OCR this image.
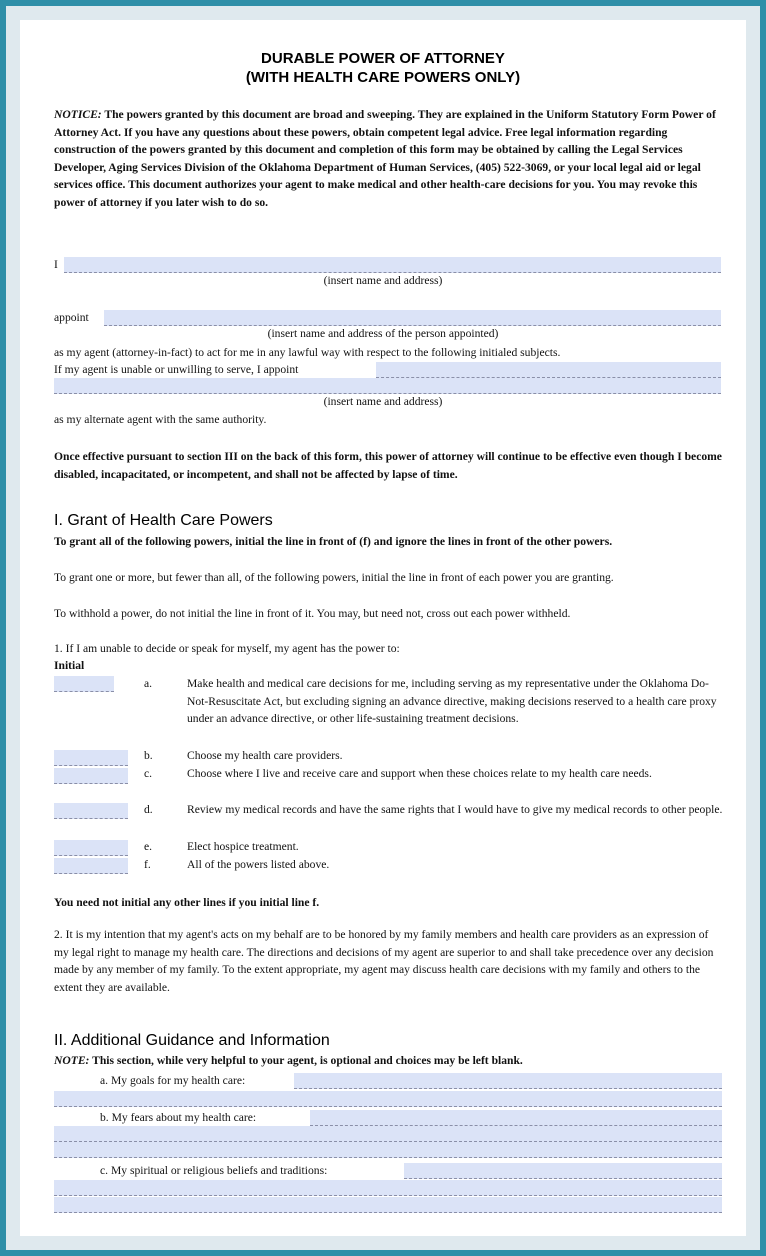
DURABLE POWER OF ATTORNEY
(WITH HEALTH CARE POWERS ONLY)
NOTICE: The powers granted by this document are broad and sweeping. They are explained in the Uniform Statutory Form Power of Attorney Act. If you have any questions about these powers, obtain competent legal advice. Free legal information regarding construction of the powers granted by this document and completion of this form may be obtained by calling the Legal Services Developer, Aging Services Division of the Oklahoma Department of Human Services, (405) 522-3069, or your local legal aid or legal services office. This document authorizes your agent to make medical and other health-care decisions for you. You may revoke this power of attorney if you later wish to do so.
I
(insert name and address)
appoint
(insert name and address of the person appointed)
as my agent (attorney-in-fact) to act for me in any lawful way with respect to the following initialed subjects.
If my agent is unable or unwilling to serve, I appoint
(insert name and address)
as my alternate agent with the same authority.
Once effective pursuant to section III on the back of this form, this power of attorney will continue to be effective even though I become disabled, incapacitated, or incompetent, and shall not be affected by lapse of time.
I. Grant of Health Care Powers
To grant all of the following powers, initial the line in front of (f) and ignore the lines in front of the other powers.
To grant one or more, but fewer than all, of the following powers, initial the line in front of each power you are granting.
To withhold a power, do not initial the line in front of it. You may, but need not, cross out each power withheld.
1. If I am unable to decide or speak for myself, my agent has the power to:
Initial
a.	Make health and medical care decisions for me, including serving as my representative under the Oklahoma Do-Not-Resuscitate Act, but excluding signing an advance directive, making decisions reserved to a health care proxy under an advance directive, or other life-sustaining treatment decisions.
b.	Choose my health care providers.
c.	Choose where I live and receive care and support when these choices relate to my health care needs.
d.	Review my medical records and have the same rights that I would have to give my medical records to other people.
e.	Elect hospice treatment.
f.	All of the powers listed above.
You need not initial any other lines if you initial line f.
2. It is my intention that my agent's acts on my behalf are to be honored by my family members and health care providers as an expression of my legal right to manage my health care. The directions and decisions of my agent are superior to and shall take precedence over any decision made by any member of my family. To the extent appropriate, my agent may discuss health care decisions with my family and others to the extent they are available.
II. Additional Guidance and Information
NOTE: This section, while very helpful to your agent, is optional and choices may be left blank.
a. My goals for my health care:
b. My fears about my health care:
c. My spiritual or religious beliefs and traditions:
